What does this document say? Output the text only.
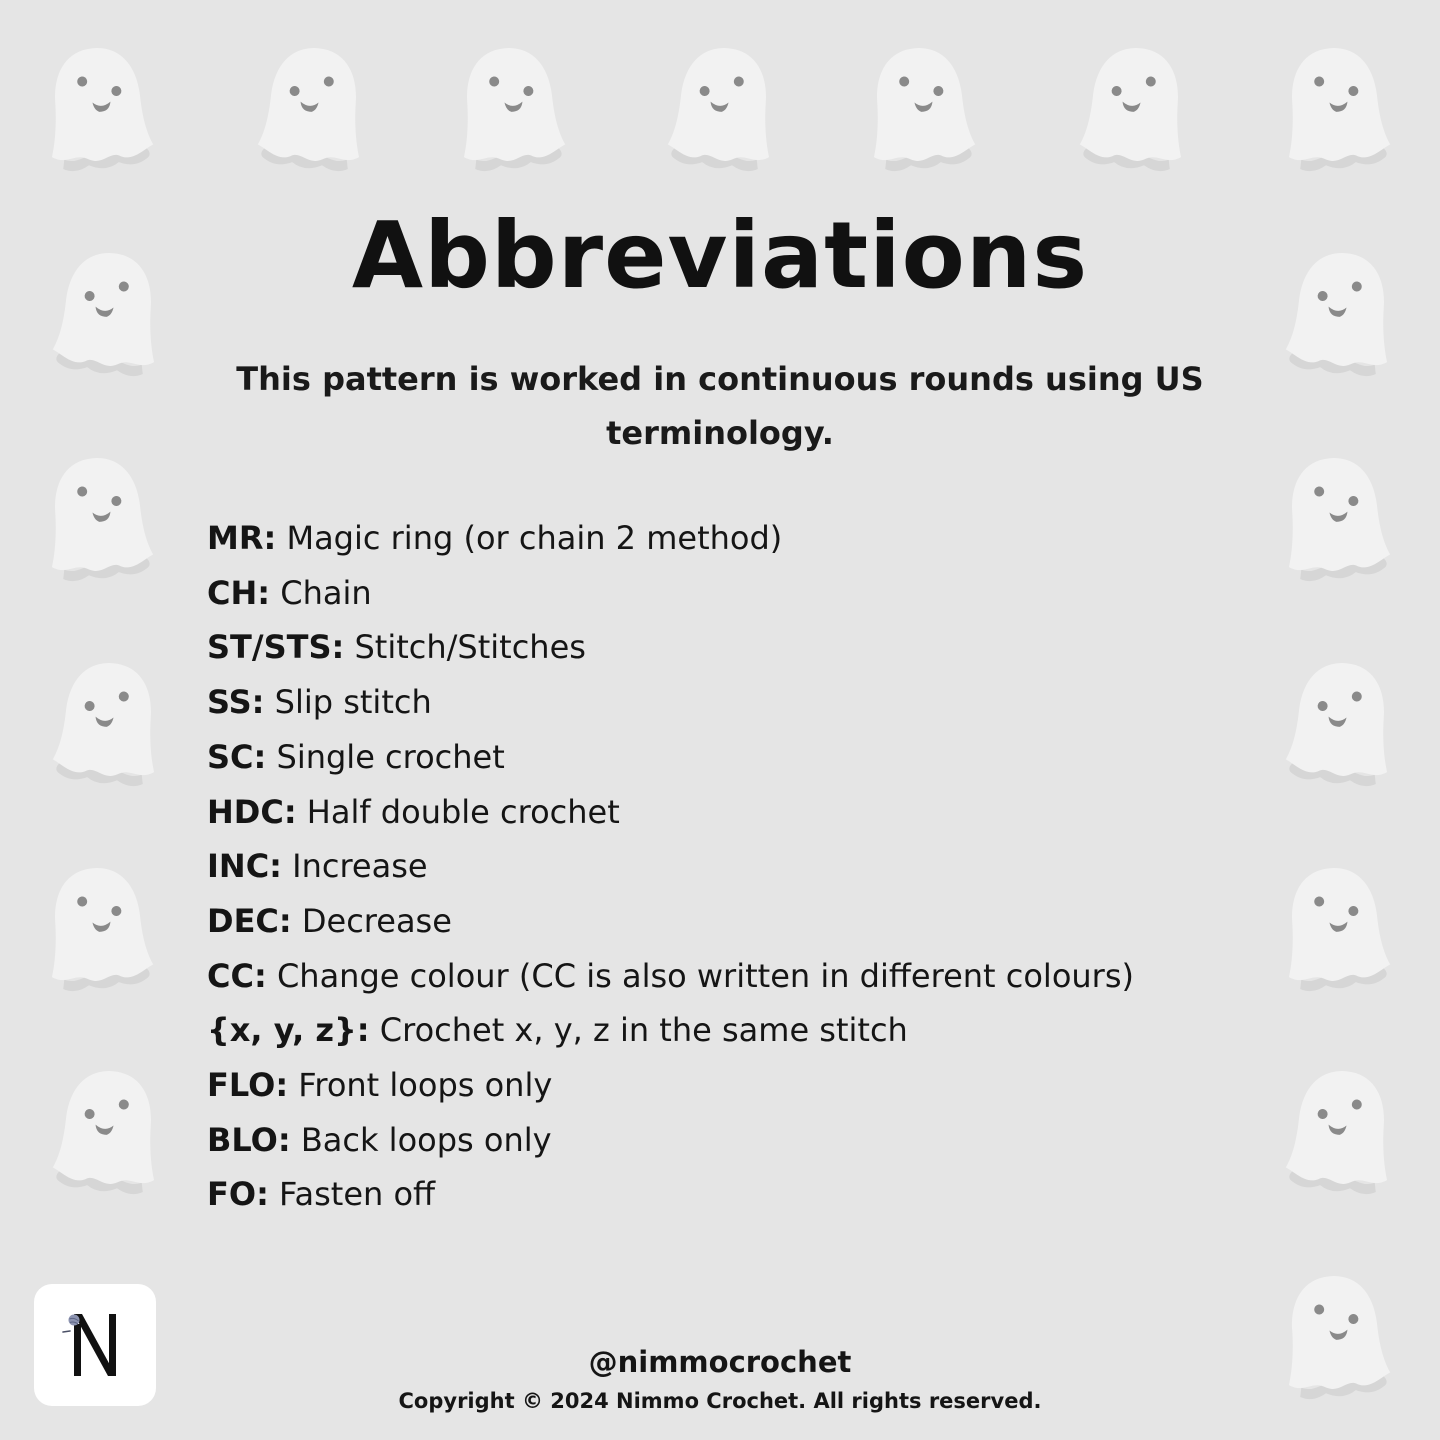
Abbreviations
This pattern is worked in continuous rounds using US terminology.
MR: Magic ring (or chain 2 method)
CH: Chain
ST/STS: Stitch/Stitches
SS: Slip stitch
SC: Single crochet
HDC: Half double crochet
INC: Increase
DEC: Decrease
CC: Change colour (CC is also written in different colours)
{x, y, z}: Crochet x, y, z in the same stitch
FLO: Front loops only
BLO: Back loops only
FO: Fasten off
@nimmocrochet
Copyright © 2024 Nimmo Crochet. All rights reserved.
